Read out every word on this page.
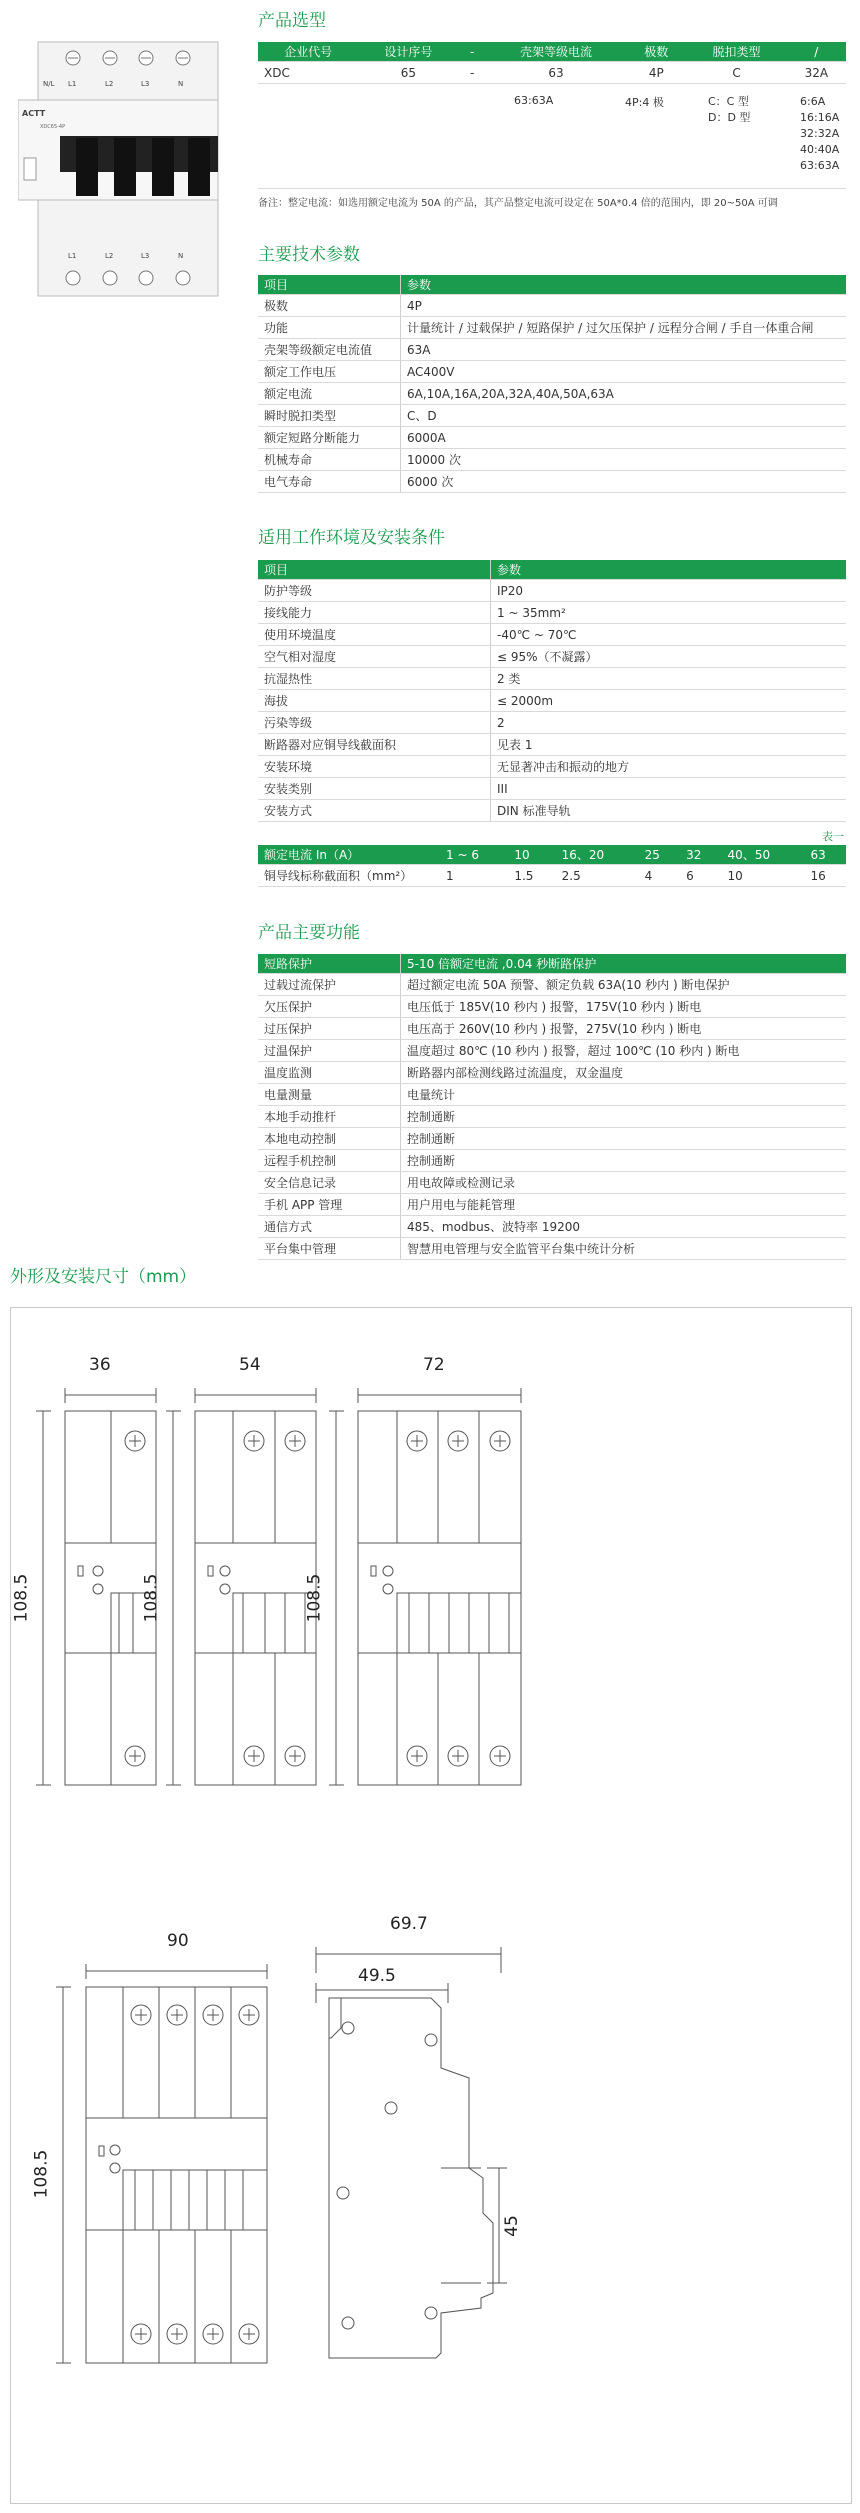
N/L L1	L2	L3	N
ACTT
XDC65-4P
L1	L2	L3	N
产品选型
企业代号	设计序号	-	壳架等级电流	极数	脱扣类型	/
XDC	65	-	63	4P	C	32A
63:63A	4P:4 极	C：C 型
D：D 型
6:6A
16:16A
32:32A
40:40A
63:63A
备注：整定电流：如选用额定电流为 50A 的产品，其产品整定电流可设定在 50A*0.4 倍的范围内，即 20~50A 可调
主要技术参数
项目	参数
极数	4P
功能	计量统计 / 过载保护 / 短路保护 / 过欠压保护 / 远程分合闸 / 手自一体重合闸
壳架等级额定电流值	63A
额定工作电压	AC400V
额定电流	6A,10A,16A,20A,32A,40A,50A,63A
瞬时脱扣类型	C、D
额定短路分断能力	6000A
机械寿命	10000 次
电气寿命	6000 次
适用工作环境及安装条件
项目	参数
防护等级	IP20
接线能力	1 ~ 35mm²
使用环境温度	-40℃ ~ 70℃
空气相对湿度	≤ 95%（不凝露）
抗湿热性	2 类
海拔	≤ 2000m
污染等级	2
断路器对应铜导线截面积	见表 1
安装环境	无显著冲击和振动的地方
安装类别	III
安装方式	DIN 标准导轨
表一
额定电流 In（A）	1 ~ 6	10	16、20	25	32	40、50	63
铜导线标称截面积（mm²）	1	1.5	2.5	4	6	10	16
产品主要功能
短路保护	5-10 倍额定电流 ,0.04 秒断路保护
过载过流保护	超过额定电流 50A 预警、额定负载 63A(10 秒内 ) 断电保护
欠压保护	电压低于 185V(10 秒内 ) 报警，175V(10 秒内 ) 断电
过压保护	电压高于 260V(10 秒内 ) 报警，275V(10 秒内 ) 断电
过温保护	温度超过 80℃ (10 秒内 ) 报警，超过 100℃ (10 秒内 ) 断电
温度监测	断路器内部检测线路过流温度，双金温度
电量测量	电量统计
本地手动推杆	控制通断
本地电动控制	控制通断
远程手机控制	控制通断
安全信息记录	用电故障或检测记录
手机 APP 管理	用户用电与能耗管理
通信方式	485、modbus、波特率 19200
平台集中管理	智慧用电管理与安全监管平台集中统计分析
外形及安装尺寸（mm）
36	54	72
90
108.5	108.5	108.5
108.5
69.7
49.5
45
